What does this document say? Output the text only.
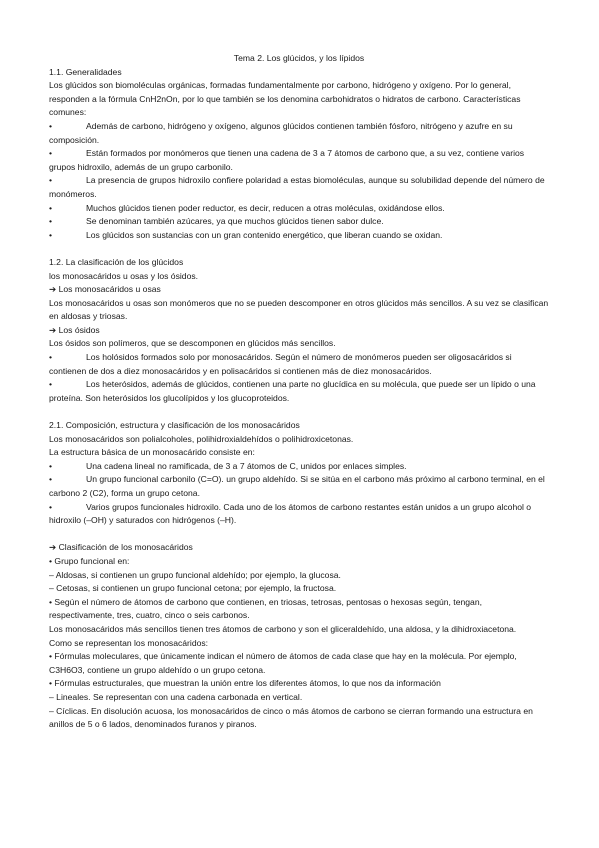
Tema 2. Los glúcidos, y los lípidos

1.1. Generalidades

Los glúcidos son biomoléculas orgánicas, formadas fundamentalmente por carbono, hidrógeno y oxígeno. Por lo general, responden a la fórmula CnH2nOn, por lo que también se los denomina carbohidratos o hidratos de carbono. Características comunes:

•	Además de carbono, hidrógeno y oxígeno, algunos glúcidos contienen también fósforo, nitrógeno y azufre en su composición.
•	Están formados por monómeros que tienen una cadena de 3 a 7 átomos de carbono que, a su vez, contiene varios grupos hidroxilo, además de un grupo carbonilo.
•	La presencia de grupos hidroxilo confiere polaridad a estas biomoléculas, aunque su solubilidad depende del número de monómeros.
•	Muchos glúcidos tienen poder reductor, es decir, reducen a otras moléculas, oxidándose ellos.
•	Se denominan también azúcares, ya que muchos glúcidos tienen sabor dulce.
•	Los glúcidos son sustancias con un gran contenido energético, que liberan cuando se oxidan.

1.2. La clasificación de los glúcidos

los monosacáridos u osas y los ósidos.

➔ Los monosacáridos u osas

Los monosacáridos u osas son monómeros que no se pueden descomponer en otros glúcidos más sencillos. A su vez se clasifican en aldosas y triosas.

➔ Los ósidos

Los ósidos son polímeros, que se descomponen en glúcidos más sencillos.

•	Los holósidos formados solo por monosacáridos. Según el número de monómeros pueden ser oligosacáridos si contienen de dos a diez monosacáridos y en polisacáridos si contienen más de diez monosacáridos.
•	Los heterósidos, además de glúcidos, contienen una parte no glucídica en su molécula, que puede ser un lípido o una proteína. Son heterósidos los glucolípidos y los glucoproteidos.

2.1. Composición, estructura y clasificación de los monosacáridos

Los monosacáridos son polialcoholes, polihidroxialdehídos o polihidroxicetonas.

La estructura básica de un monosacárido consiste en:

•	Una cadena lineal no ramificada, de 3 a 7 átomos de C, unidos por enlaces simples.
•	Un grupo funcional carbonilo (C=O). un grupo aldehído. Si se sitúa en el carbono más próximo al carbono terminal, en el carbono 2 (C2), forma un grupo cetona.
•	Varios grupos funcionales hidroxilo. Cada uno de los átomos de carbono restantes están unidos a un grupo alcohol o hidroxilo (–OH) y saturados con hidrógenos (–H).

➔ Clasificación de los monosacáridos

• Grupo funcional en:

– Aldosas, si contienen un grupo funcional aldehído; por ejemplo, la glucosa.

– Cetosas, si contienen un grupo funcional cetona; por ejemplo, la fructosa.

• Según el número de átomos de carbono que contienen, en triosas, tetrosas, pentosas o hexosas según, tengan, respectivamente, tres, cuatro, cinco o seis carbonos.

Los monosacáridos más sencillos tienen tres átomos de carbono y son el gliceraldehído, una aldosa, y la dihidroxiacetona.

Como se representan los monosacáridos:

• Fórmulas moleculares, que únicamente indican el número de átomos de cada clase que hay en la molécula. Por ejemplo, C3H6O3, contiene un grupo aldehído o un grupo cetona.

• Fórmulas estructurales, que muestran la unión entre los diferentes átomos, lo que nos da información

– Lineales. Se representan con una cadena carbonada en vertical.

– Cíclicas. En disolución acuosa, los monosacáridos de cinco o más átomos de carbono se cierran formando una estructura en anillos de 5 o 6 lados, denominados furanos y piranos.
